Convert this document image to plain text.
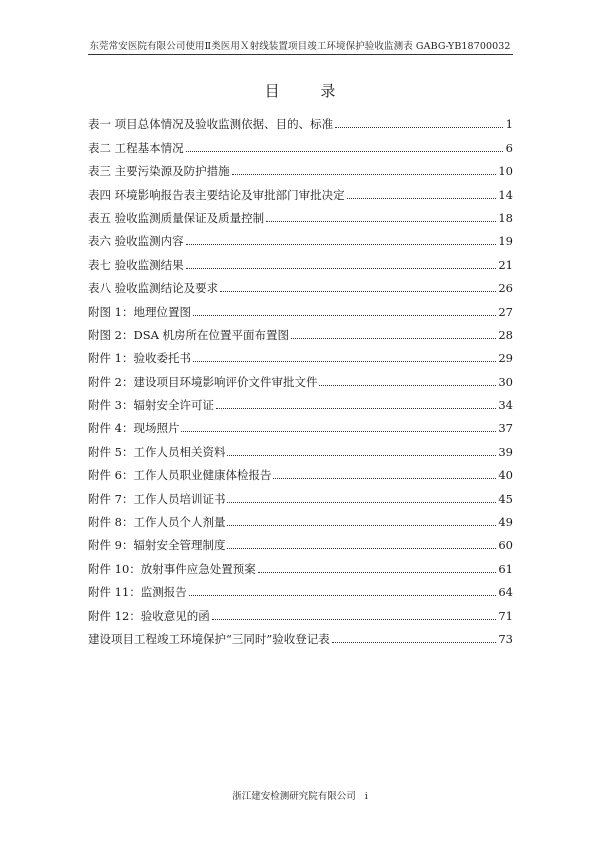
东莞常安医院有限公司使用Ⅱ类医用Ｘ射线装置项目竣工环境保护验收监测表 GABG-YB18700032
目 录
表一 项目总体情况及验收监测依据、目的、标准	1
表二 工程基本情况	6
表三 主要污染源及防护措施	10
表四 环境影响报告表主要结论及审批部门审批决定	14
表五 验收监测质量保证及质量控制	18
表六 验收监测内容	19
表七 验收监测结果	21
表八 验收监测结论及要求	26
附图 1：地理位置图	27
附图 2：DSA 机房所在位置平面布置图	28
附件 1：验收委托书	29
附件 2：建设项目环境影响评价文件审批文件	30
附件 3：辐射安全许可证	34
附件 4：现场照片	37
附件 5：工作人员相关资料	39
附件 6：工作人员职业健康体检报告	40
附件 7：工作人员培训证书	45
附件 8：工作人员个人剂量	49
附件 9：辐射安全管理制度	60
附件 10：放射事件应急处置预案	61
附件 11：监测报告	64
附件 12：验收意见的函	71
建设项目工程竣工环境保护“三同时”验收登记表	73
浙江建安检测研究院有限公司 i
